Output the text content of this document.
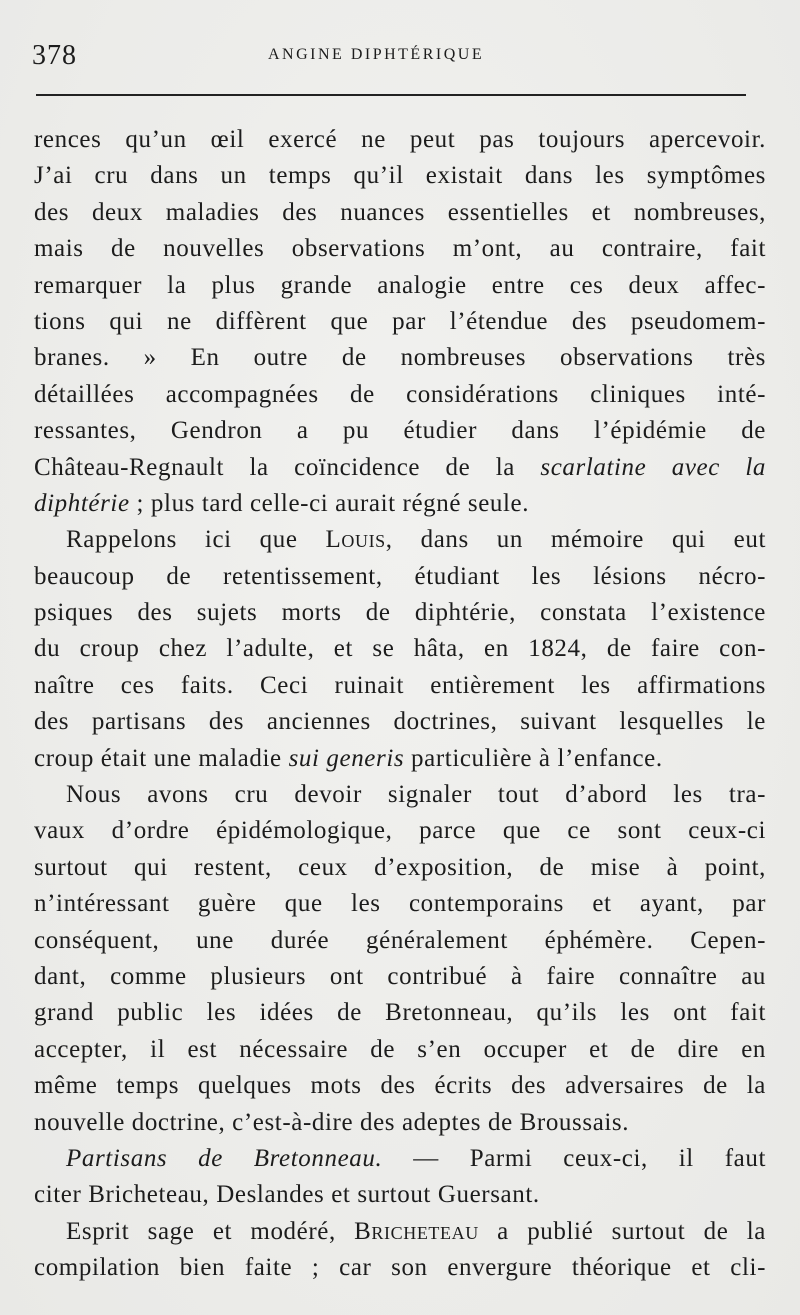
378	ANGINE DIPHTÉRIQUE
rences qu’un œil exercé ne peut pas toujours apercevoir.
J’ai cru dans un temps qu’il existait dans les symptômes
des deux maladies des nuances essentielles et nombreuses,
mais de nouvelles observations m’ont, au contraire, fait
remarquer la plus grande analogie entre ces deux affec-
tions qui ne diffèrent que par l’étendue des pseudomem-
branes. » En outre de nombreuses observations très
détaillées accompagnées de considérations cliniques inté-
ressantes, Gendron a pu étudier dans l’épidémie de
Château-Regnault la coïncidence de la scarlatine avec la
diphtérie ; plus tard celle-ci aurait régné seule.
Rappelons ici que Louis, dans un mémoire qui eut
beaucoup de retentissement, étudiant les lésions nécro-
psiques des sujets morts de diphtérie, constata l’existence
du croup chez l’adulte, et se hâta, en 1824, de faire con-
naître ces faits. Ceci ruinait entièrement les affirmations
des partisans des anciennes doctrines, suivant lesquelles le
croup était une maladie sui generis particulière à l’enfance.
Nous avons cru devoir signaler tout d’abord les tra-
vaux d’ordre épidémologique, parce que ce sont ceux-ci
surtout qui restent, ceux d’exposition, de mise à point,
n’intéressant guère que les contemporains et ayant, par
conséquent, une durée généralement éphémère. Cepen-
dant, comme plusieurs ont contribué à faire connaître au
grand public les idées de Bretonneau, qu’ils les ont fait
accepter, il est nécessaire de s’en occuper et de dire en
même temps quelques mots des écrits des adversaires de la
nouvelle doctrine, c’est-à-dire des adeptes de Broussais.
Partisans de Bretonneau. — Parmi ceux-ci, il faut
citer Bricheteau, Deslandes et surtout Guersant.
Esprit sage et modéré, Bricheteau a publié surtout de la
compilation bien faite ; car son envergure théorique et cli-
